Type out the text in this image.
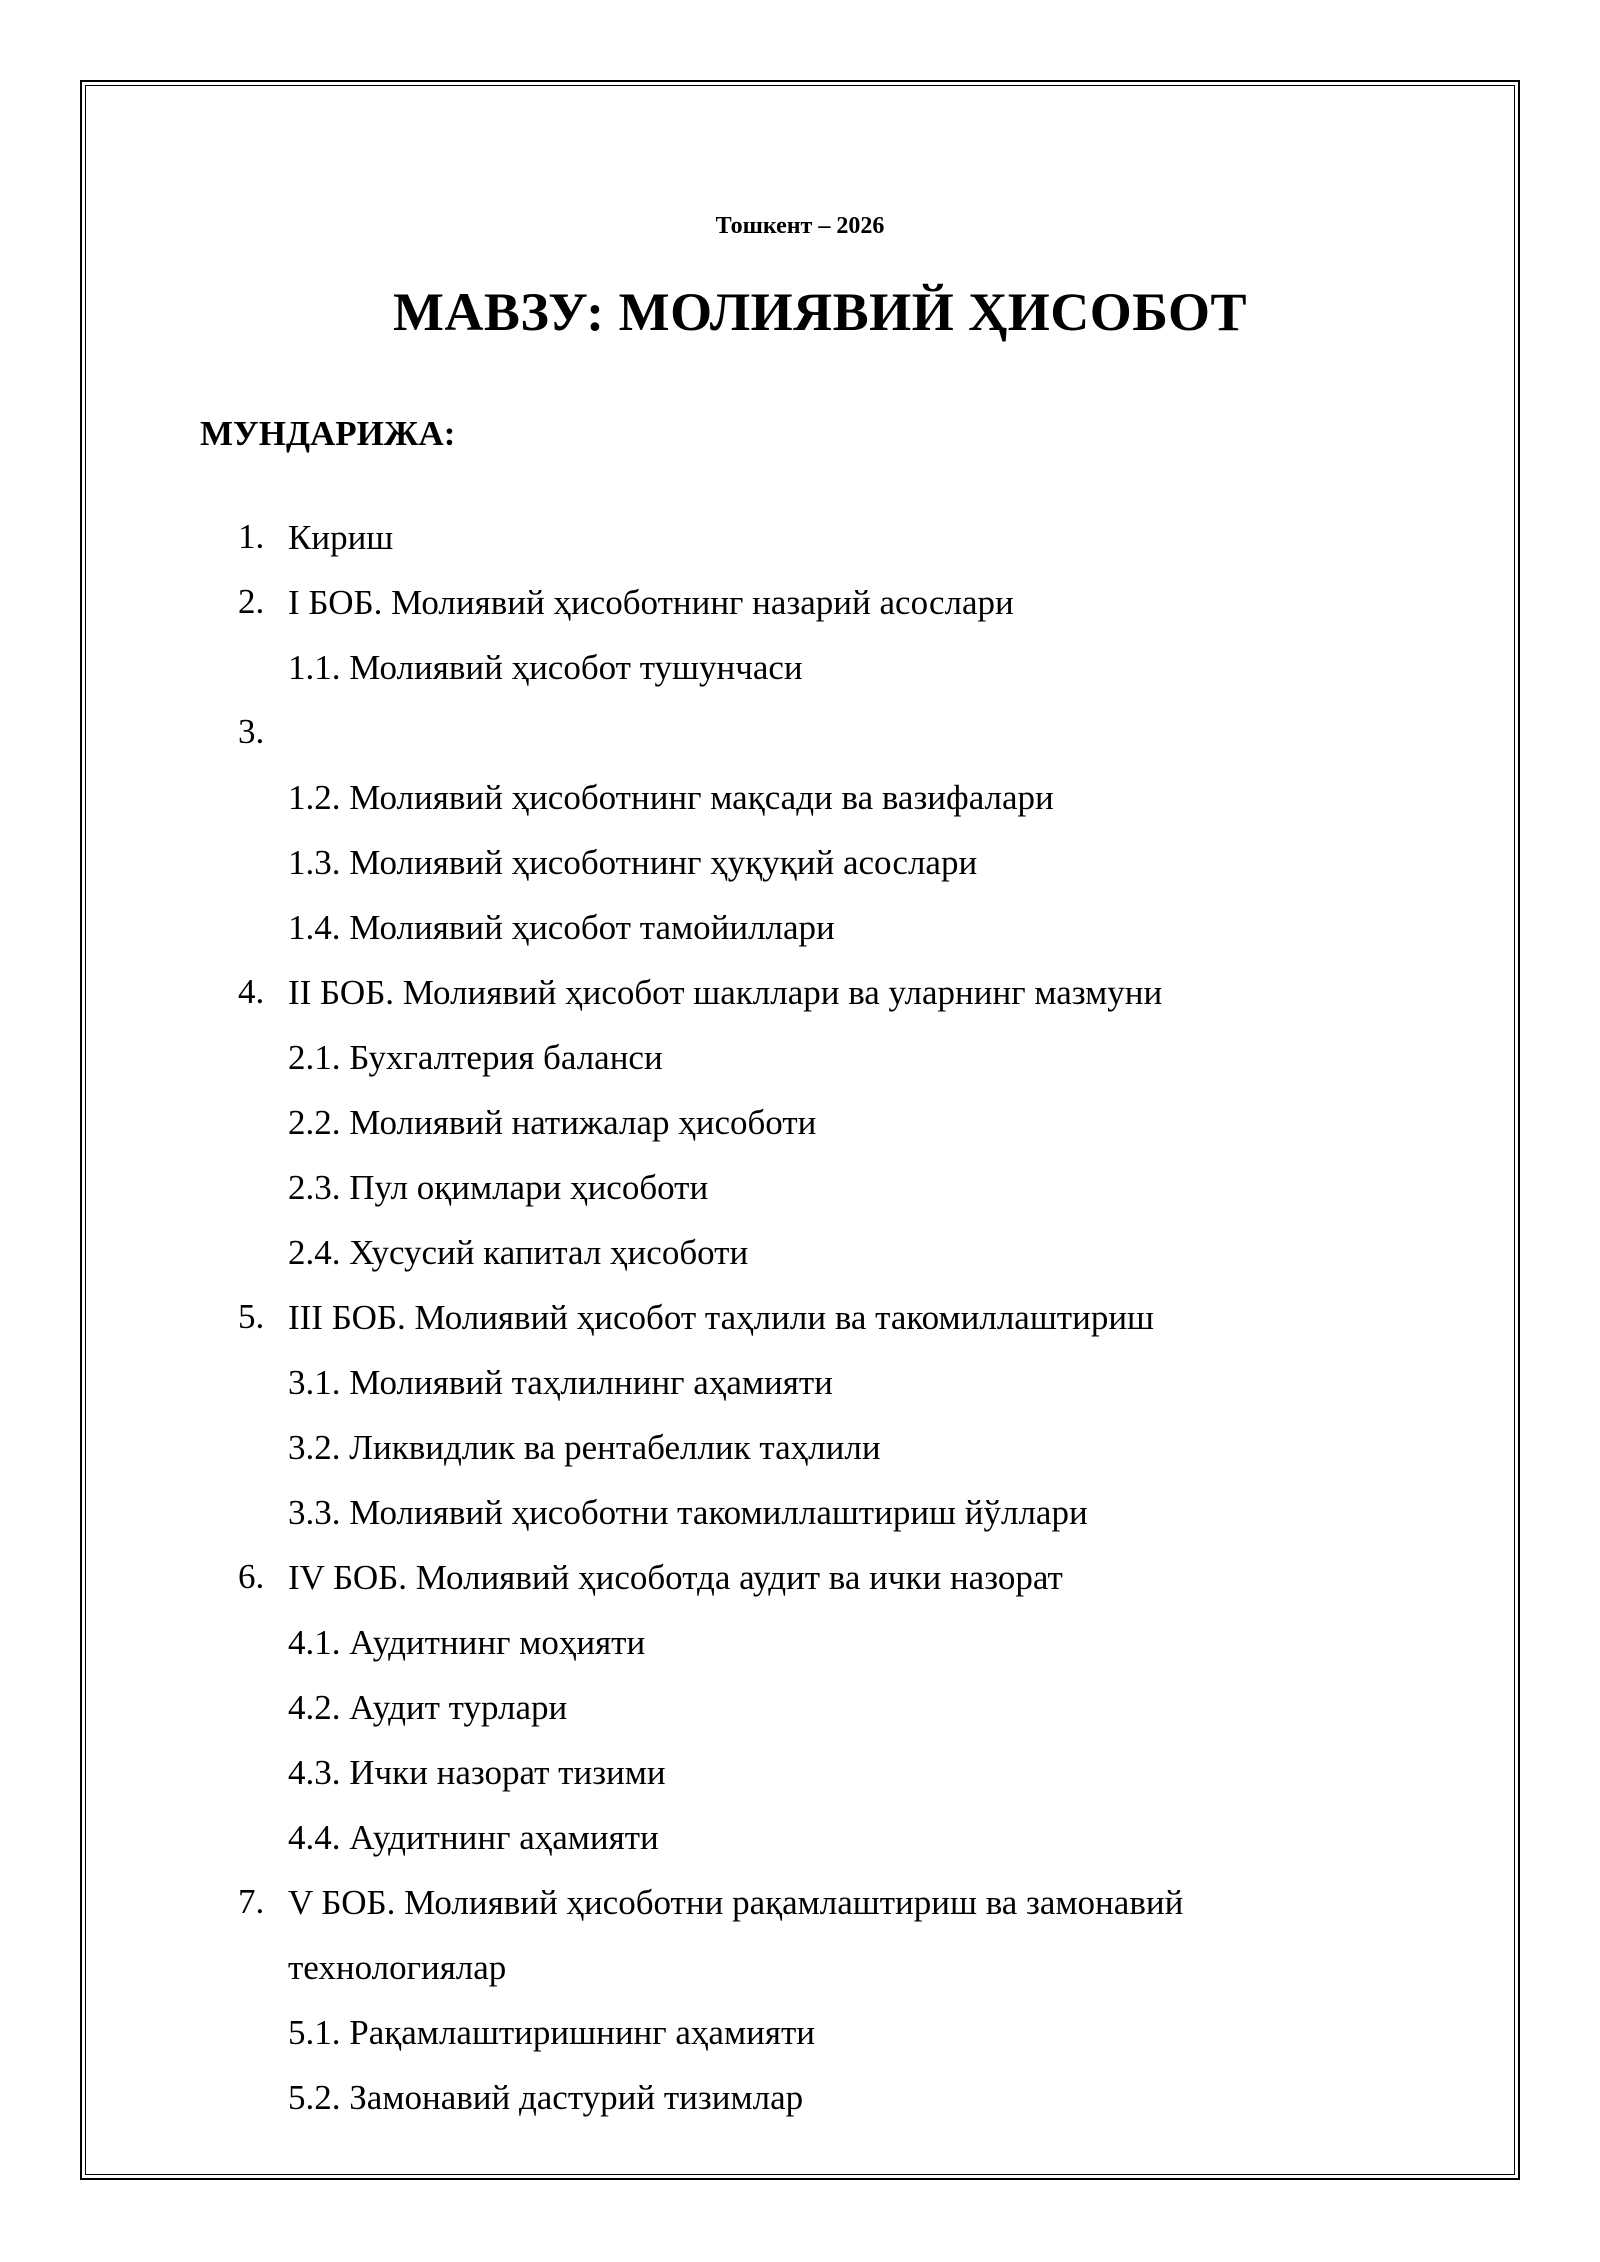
Тошкент – 2026
МАВЗУ: МОЛИЯВИЙ ҲИСОБОТ
МУНДАРИЖА:
1. Кириш
2. I БОБ. Молиявий ҳисоботнинг назарий асослари
1.1. Молиявий ҳисобот тушунчаси
3.
1.2. Молиявий ҳисоботнинг мақсади ва вазифалари
1.3. Молиявий ҳисоботнинг ҳуқуқий асослари
1.4. Молиявий ҳисобот тамойиллари
4. II БОБ. Молиявий ҳисобот шакллари ва уларнинг мазмуни
2.1. Бухгалтерия баланси
2.2. Молиявий натижалар ҳисоботи
2.3. Пул оқимлари ҳисоботи
2.4. Хусусий капитал ҳисоботи
5. III БОБ. Молиявий ҳисобот таҳлили ва такомиллаштириш
3.1. Молиявий таҳлилнинг аҳамияти
3.2. Ликвидлик ва рентабеллик таҳлили
3.3. Молиявий ҳисоботни такомиллаштириш йўллари
6. IV БОБ. Молиявий ҳисоботда аудит ва ички назорат
4.1. Аудитнинг моҳияти
4.2. Аудит турлари
4.3. Ички назорат тизими
4.4. Аудитнинг аҳамияти
7. V БОБ. Молиявий ҳисоботни рақамлаштириш ва замонавий технологиялар
5.1. Рақамлаштиришнинг аҳамияти
5.2. Замонавий дастурий тизимлар
